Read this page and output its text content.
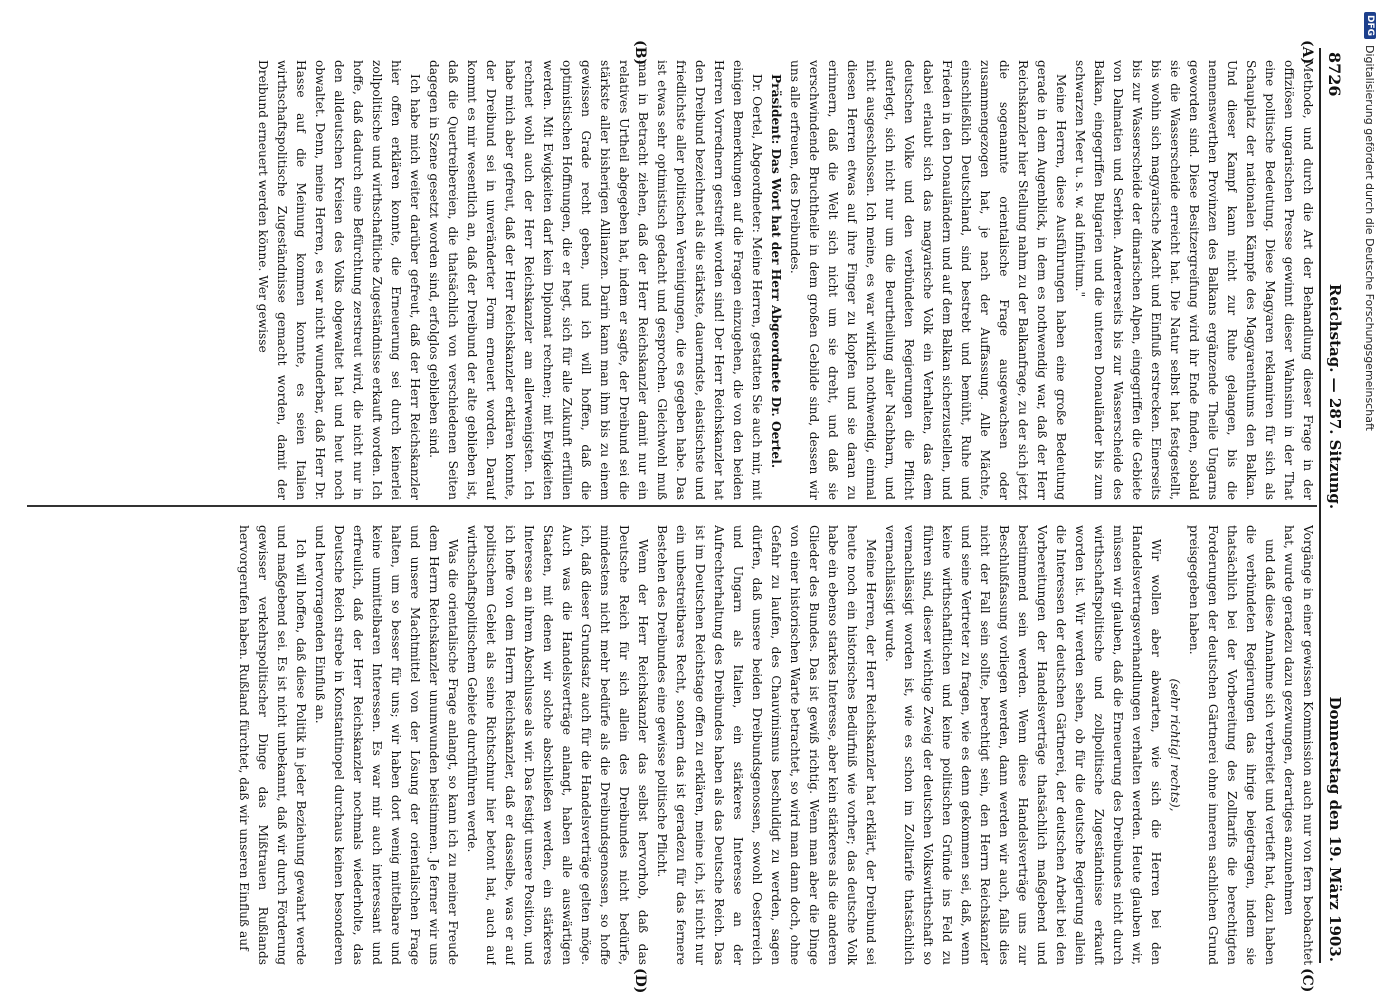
DFG
Digitalisierung gefördert durch die Deutsche Forschungsgemeinschaft
8726
Reichstag. — 287. Sitzung.
Donnerstag den 19. März 1903.
(A)
(B)
(C)
(D)

Methode, und durch die Art der Behandlung dieser Frage in der offiziösen ungarischen Presse gewinnt dieser Wahnsinn in der That eine politische Bedeutung. Diese Magyaren reklamiren für sich als Schauplatz der nationalen Kämpfe des Magyarenthums den Balkan. Und dieser Kampf kann nicht zur Ruhe gelangen, bis die nennenswerthen Provinzen des Balkans ergänzende Theile Ungarns geworden sind. Diese Besitzergreifung wird ihr Ende finden, sobald sie die Wasserscheide erreicht hat. Die Natur selbst hat festgestellt, bis wohin sich magyarische Macht und Einfluß erstrecken. Einerseits bis zur Wasserscheide der dinarischen Alpen, eingegriffen die Gebiete von Dalmatien und Serbien. Andererseits bis zur Wasserscheide des Balkan, eingegriffen Bulgarien und die unteren Donauländer bis zum schwarzen Meer u. s. w. ad infinitum."

Meine Herren, diese Ausführungen haben eine große Bedeutung gerade in dem Augenblick, in dem es nothwendig war, daß der Herr Reichskanzler hier Stellung nahm zu der Balkanfrage, zu der sich jetzt die sogenannte orientalische Frage ausgewachsen oder zusammengezogen hat, je nach der Auffassung. Alle Mächte, einschließlich Deutschland, sind bestrebt und bemüht, Ruhe und Frieden in den Donauländern und auf dem Balkan sicherzustellen, und dabei erlaubt sich das magyarische Volk ein Verhalten, das dem deutschen Volke und den verbündeten Regierungen die Pflicht auferlegt, sich nicht nur um die Beurtheilung aller Nachbarn, und nicht ausgeschlossen. Ich meine, es war wirklich nothwendig, einmal diesen Herren etwas auf ihre Finger zu klopfen und sie daran zu erinnern, daß die Welt sich nicht um sie dreht, und daß sie verschwindende Bruchtheile in dem großen Gebilde sind, dessen wir uns alle erfreuen, des Dreibundes.

Präsident: Das Wort hat der Herr Abgeordnete Dr. Oertel.

Dr. Oertel, Abgeordneter: Meine Herren, gestatten Sie auch mir, mit einigen Bemerkungen auf die Fragen einzugehen, die von den beiden Herren Vorrednern gestreift worden sind! Der Herr Reichskanzler hat den Dreibund bezeichnet als die stärkste, dauerndste, elastischste und friedlichste aller politischen Vereinigungen, die es gegeben habe. Das ist etwas sehr optimistisch gedacht und gesprochen. Gleichwohl muß man in Betracht ziehen, daß der Herr Reichskanzler damit nur ein relatives Urtheil abgegeben hat, indem er sagte, der Dreibund sei die stärkste aller bisherigen Allianzen. Darin kann man ihm bis zu einem gewissen Grade recht geben, und ich will hoffen, daß die optimistischen Hoffnungen, die er hegt, sich für alle Zukunft erfüllen werden. Mit Ewigkeiten darf kein Diplomat rechnen; mit Ewigkeiten rechnet wohl auch der Herr Reichskanzler am allerwenigsten. Ich habe mich aber gefreut, daß der Herr Reichskanzler erklären konnte, der Dreibund sei in unveränderter Form erneuert worden. Darauf kommt es mir wesentlich an, daß der Dreibund der alte geblieben ist, daß die Quertreibereien, die thatsächlich von verschiedenen Seiten dagegen in Szene gesetzt worden sind, erfolglos geblieben sind.

Ich habe mich weiter darüber gefreut, daß der Herr Reichskanzler hier offen erklären konnte, die Erneuerung sei durch keinerlei zollpolitische und wirthschaftliche Zugeständnisse erkauft worden. Ich hoffe, daß dadurch eine Befürchtung zerstreut wird, die nicht nur in den alldeutschen Kreisen des Volks obgewaltet hat und heut noch obwaltet. Denn, meine Herren, es war nicht wunderbar, daß Herr Dr. Hasse auf die Meinung kommen konnte, es seien Italien wirthschaftspolitische Zugeständnisse gemacht worden, damit der Dreibund erneuert werden könne. Wer gewisse

Vorgänge in einer gewissen Kommission auch nur von fern beobachtet hat, wurde geradezu dazu gezwungen, derartiges anzunehmen

und daß diese Annahme sich verbreitet und vertieft hat, dazu haben die verbündeten Regierungen das ihrige beigetragen, indem sie thatsächlich bei der Vorbereitung des Zolltarifs die berechtigten Forderungen der deutschen Gärtnerei ohne inneren sachlichen Grund preisgegeben haben.

(sehr richtig! rechts),

Wir wollen aber abwarten, wie sich die Herren bei den Handelsvertragsverhandlungen verhalten werden. Heute glauben wir, müssen wir glauben, daß die Erneuerung des Dreibundes nicht durch wirthschaftspolitische und zollpolitische Zugeständnisse erkauft worden ist. Wir werden sehen, ob für die deutsche Regierung allein die Interessen der deutschen Gärtnerei, der deutschen Arbeit bei den Vorbereitungen der Handelsverträge thatsächlich maßgebend und bestimmend sein werden. Wenn diese Handelsverträge uns zur Beschlußfassung vorliegen werden, dann werden wir auch, falls dies nicht der Fall sein sollte, berechtigt sein, den Herrn Reichskanzler und seine Vertreter zu fragen, wie es denn gekommen sei, daß, wenn keine wirthschaftlichen und keine politischen Gründe ins Feld zu führen sind, dieser wichtige Zweig der deutschen Volkswirthschaft so vernachlässigt worden ist, wie es schon im Zolltarife thatsächlich vernachlässigt wurde.

Meine Herren, der Herr Reichskanzler hat erklärt, der Dreibund sei heute noch ein historisches Bedürfniß wie vorher; das deutsche Volk habe ein ebenso starkes Interesse, aber kein stärkeres als die anderen Glieder des Bundes. Das ist gewiß richtig. Wenn man aber die Dinge von einer historischen Warte betrachtet, so wird man dann doch, ohne Gefahr zu laufen, des Chauvinismus beschuldigt zu werden, sagen dürfen, daß unsere beiden Dreibundsgenossen, sowohl Oesterreich und Ungarn als Italien, ein stärkeres Interesse an der Aufrechterhaltung des Dreibundes haben als das Deutsche Reich. Das ist im Deutschen Reichstage offen zu erklären, meine ich, ist nicht nur ein unbestreitbares Recht, sondern das ist geradezu für das fernere Bestehen des Dreibundes eine gewisse politische Pflicht.

Wenn der Herr Reichskanzler das selbst hervorhob, daß das Deutsche Reich für sich allein des Dreibundes nicht bedürfe, mindestens nicht mehr bedürfe als die Dreibundsgenossen, so hoffe ich, daß dieser Grundsatz auch für die Handelsverträge gelten möge. Auch was die Handelsverträge anlangt, haben alle auswärtigen Staaten, mit denen wir solche abschließen werden, ein stärkeres Interesse an ihrem Abschlusse als wir. Das festigt unsere Position, und ich hoffe von dem Herrn Reichskanzler, daß er dasselbe, was er auf politischem Gebiet als seine Richtschnur hier betont hat, auch auf wirthschaftspolitischem Gebiete durchführen werde.

Was die orientalische Frage anlangt, so kann ich zu meiner Freude dem Herrn Reichskanzler unumwunden beistimmen. Je ferner wir uns und unsere Machtmittel von der Lösung der orientalischen Frage halten, um so besser für uns; wir haben dort wenig mittelbare und keine unmittelbaren Interessen. Es war mir auch interessant und erfreulich, daß der Herr Reichskanzler nochmals wiederholte, das Deutsche Reich strebe in Konstantinopel durchaus keinen besonderen und hervorragenden Einfluß an.

Ich will hoffen, daß diese Politik in jeder Beziehung gewahrt werde und maßgebend sei. Es ist nicht unbekannt, daß wir durch Förderung gewisser verkehrspolitischer Dinge das Mißtrauen Rußlands hervorgerufen haben. Rußland fürchtet, daß wir unseren Einfluß auf
